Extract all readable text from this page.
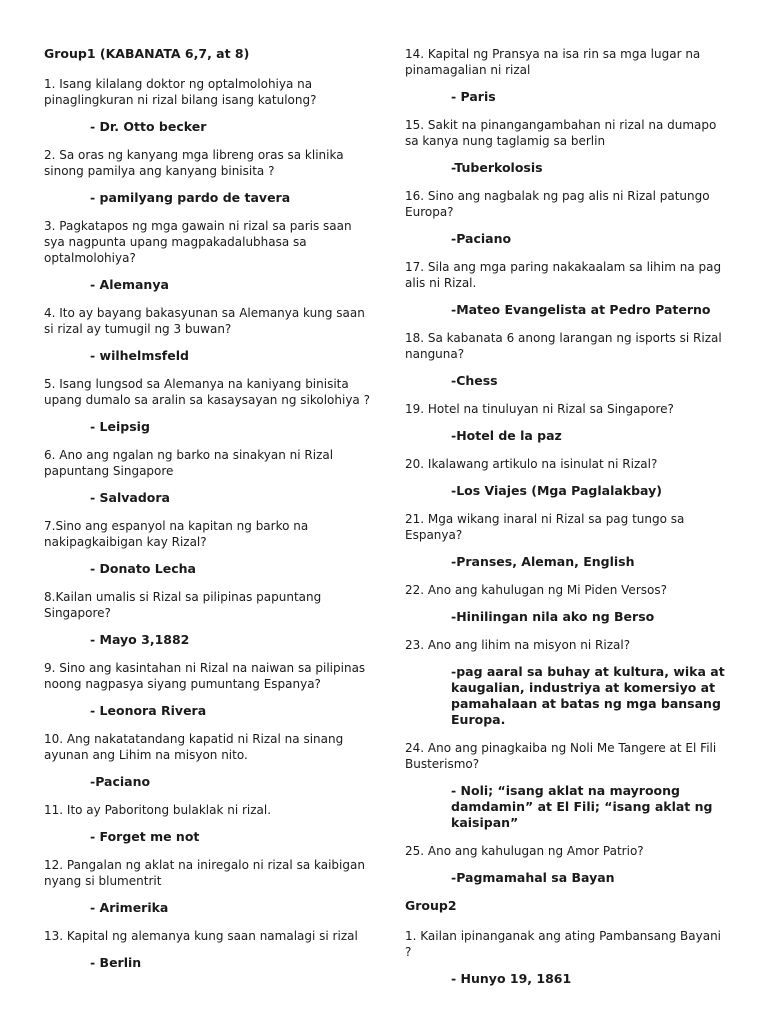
Group1 (KABANATA 6,7, at 8)

1. Isang kilalang doktor ng optalmolohiya na pinaglingkuran ni rizal bilang isang katulong?

- Dr. Otto becker

2. Sa oras ng kanyang mga libreng oras sa klinika sinong pamilya ang kanyang binisita ?

- pamilyang pardo de tavera

3. Pagkatapos ng mga gawain ni rizal sa paris saan sya nagpunta upang magpakadalubhasa sa optalmolohiya?

- Alemanya

4. Ito ay bayang bakasyunan sa Alemanya kung saan si rizal ay tumugil ng 3 buwan?

- wilhelmsfeld

5. Isang lungsod sa Alemanya na kaniyang binisita upang dumalo sa aralin sa kasaysayan ng sikolohiya ?

- Leipsig

6. Ano ang ngalan ng barko na sinakyan ni Rizal papuntang Singapore

- Salvadora

7.Sino ang espanyol na kapitan ng barko na nakipagkaibigan kay Rizal?

- Donato Lecha

8.Kailan umalis si Rizal sa pilipinas papuntang Singapore?

- Mayo 3,1882

9. Sino ang kasintahan ni Rizal na naiwan sa pilipinas noong nagpasya siyang pumuntang Espanya?

- Leonora Rivera

10. Ang nakatatandang kapatid ni Rizal na sinang ayunan ang Lihim na misyon nito.

-Paciano

11. Ito ay Paboritong bulaklak ni rizal.

- Forget me not

12. Pangalan ng aklat na iniregalo ni rizal sa kaibigan nyang si blumentrit

- Arimerika

13. Kapital ng alemanya kung saan namalagi si rizal

- Berlin

14. Kapital ng Pransya na isa rin sa mga lugar na pinamagalian ni rizal

- Paris

15. Sakit na pinangangambahan ni rizal na dumapo sa kanya nung taglamig sa berlin

-Tuberkolosis

16. Sino ang nagbalak ng pag alis ni Rizal patungo Europa?

-Paciano

17. Sila ang mga paring nakakaalam sa lihim na pag alis ni Rizal.

-Mateo Evangelista at Pedro Paterno

18. Sa kabanata 6 anong larangan ng isports si Rizal nanguna?

-Chess

19. Hotel na tinuluyan ni Rizal sa Singapore?

-Hotel de la paz

20. Ikalawang artikulo na isinulat ni Rizal?

-Los Viajes (Mga Paglalakbay)

21. Mga wikang inaral ni Rizal sa pag tungo sa Espanya?

-Pranses, Aleman, English

22. Ano ang kahulugan ng Mi Piden Versos?

-Hinilingan nila ako ng Berso

23. Ano ang lihim na misyon ni Rizal?

-pag aaral sa buhay at kultura, wika at kaugalian, industriya at komersiyo at pamahalaan at batas ng mga bansang Europa.

24. Ano ang pinagkaiba ng Noli Me Tangere at El Fili Busterismo?

- Noli; “isang aklat na mayroong damdamin” at El Fili; “isang aklat ng kaisipan”

25. Ano ang kahulugan ng Amor Patrio?

-Pagmamahal sa Bayan

Group2

1. Kailan ipinanganak ang ating Pambansang Bayani ?

- Hunyo 19, 1861
